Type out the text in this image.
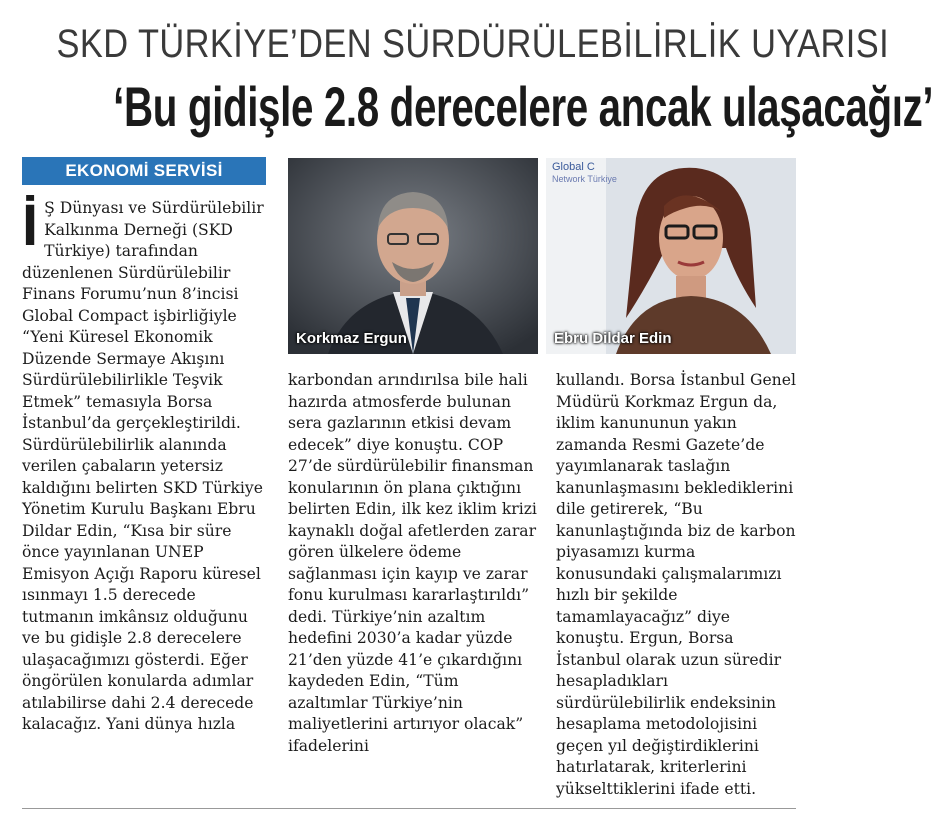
SKD TÜRKİYE’DEN SÜRDÜRÜLEBİLİRLİK UYARISI
‘Bu gidişle 2.8 derecelere ancak ulaşacağız’
EKONOMİ SERVİSİ
İ Ş Dünyası ve Sürdürülebilir Kalkınma Derneği (SKD Türkiye) tarafından düzenlenen Sürdürülebilir Finans Forumu’nun 8’incisi Global Compact işbirliğiyle “Yeni Küresel Ekonomik Düzende Sermaye Akışını Sürdürülebilirlikle Teşvik Etmek” temasıyla Borsa İstanbul’da gerçekleştirildi. Sürdürülebilirlik alanında verilen çabaların yetersiz kaldığını belirten SKD Türkiye Yönetim Kurulu Başkanı Ebru Dildar Edin, “Kısa bir süre önce yayınlanan UNEP Emisyon Açığı Raporu küresel ısınmayı 1.5 derecede tutmanın imkânsız olduğunu ve bu gidişle 2.8 derecelere ulaşacağımızı gösterdi. Eğer öngörülen konularda adımlar atılabilirse dahi 2.4 derecede kalacağız. Yani dünya hızla
Korkmaz Ergun
Global C
Network Türkiye
Ebru Dildar Edin
karbondan arındırılsa bile hali hazırda atmosferde bulunan sera gazlarının etkisi devam edecek” diye konuştu. COP 27’de sürdürülebilir finansman konularının ön plana çıktığını belirten Edin, ilk kez iklim krizi kaynaklı doğal afetlerden zarar gören ülkelere ödeme sağlanması için kayıp ve zarar fonu kurulması kararlaştırıldı” dedi. Türkiye’nin azaltım hedefini 2030’a kadar yüzde 21’den yüzde 41’e çıkardığını kaydeden Edin, “Tüm azaltımlar Türkiye’nin maliyetlerini artırıyor olacak” ifadelerini
kullandı. Borsa İstanbul Genel Müdürü Korkmaz Ergun da, iklim kanununun yakın zamanda Resmi Gazete’de yayımlanarak taslağın kanunlaşmasını beklediklerini dile getirerek, “Bu kanunlaştığında biz de karbon piyasamızı kurma konusundaki çalışmalarımızı hızlı bir şekilde tamamlayacağız” diye konuştu. Ergun, Borsa İstanbul olarak uzun süredir hesapladıkları sürdürülebilirlik endeksinin hesaplama metodolojisini geçen yıl değiştirdiklerini hatırlatarak, kriterlerini yükselttiklerini ifade etti.
